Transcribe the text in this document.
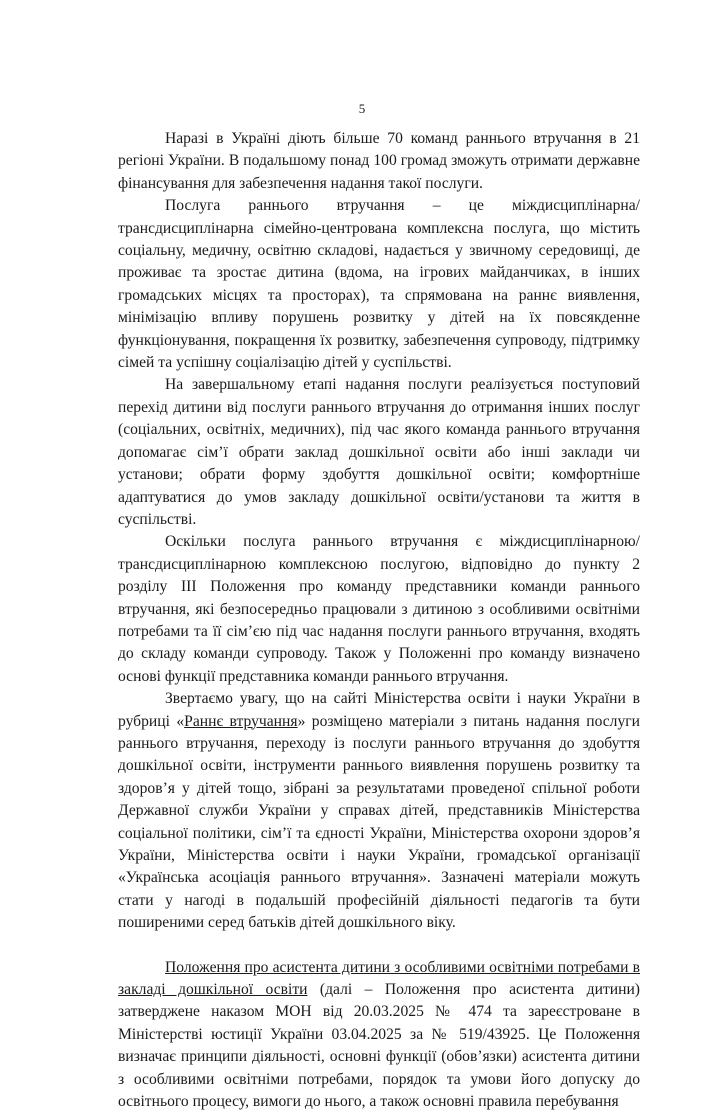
5

Наразі в Україні діють більше 70 команд раннього втручання в 21 регіоні України. В подальшому понад 100 громад зможуть отримати державне фінансування для забезпечення надання такої послуги.

Послуга раннього втручання – це міждисциплінарна/ трансдисциплінарна сімейно-центрована комплексна послуга, що містить соціальну, медичну, освітню складові, надається у звичному середовищі, де проживає та зростає дитина (вдома, на ігрових майданчиках, в інших громадських місцях та просторах), та спрямована на раннє виявлення, мінімізацію впливу порушень розвитку у дітей на їх повсякденне функціонування, покращення їх розвитку, забезпечення супроводу, підтримку сімей та успішну соціалізацію дітей у суспільстві.

На завершальному етапі надання послуги реалізується поступовий перехід дитини від послуги раннього втручання до отримання інших послуг (соціальних, освітніх, медичних), під час якого команда раннього втручання допомагає сім’ї обрати заклад дошкільної освіти або інші заклади чи установи; обрати форму здобуття дошкільної освіти; комфортніше адаптуватися до умов закладу дошкільної освіти/установи та життя в суспільстві.

Оскільки послуга раннього втручання є міждисциплінарною/ трансдисциплінарною комплексною послугою, відповідно до пункту 2 розділу III Положення про команду представники команди раннього втручання, які безпосередньо працювали з дитиною з особливими освітніми потребами та її сім’єю під час надання послуги раннього втручання, входять до складу команди супроводу. Також у Положенні про команду визначено основі функції представника команди раннього втручання.

Звертаємо увагу, що на сайті Міністерства освіти і науки України в рубриці «Раннє втручання» розміщено матеріали з питань надання послуги раннього втручання, переходу із послуги раннього втручання до здобуття дошкільної освіти, інструменти раннього виявлення порушень розвитку та здоров’я у дітей тощо, зібрані за результатами проведеної спільної роботи Державної служби України у справах дітей, представників Міністерства соціальної політики, сім’ї та єдності України, Міністерства охорони здоров’я України, Міністерства освіти і науки України, громадської організації «Українська асоціація раннього втручання». Зазначені матеріали можуть стати у нагоді в подальшій професійній діяльності педагогів та бути поширеними серед батьків дітей дошкільного віку.

Положення про асистента дитини з особливими освітніми потребами в закладі дошкільної освіти (далі – Положення про асистента дитини) затверджене наказом МОН від 20.03.2025 № 474 та зареєстроване в Міністерстві юстиції України 03.04.2025 за № 519/43925. Це Положення визначає принципи діяльності, основні функції (обов’язки) асистента дитини з особливими освітніми потребами, порядок та умови його допуску до освітнього процесу, вимоги до нього, а також основні правила перебування
